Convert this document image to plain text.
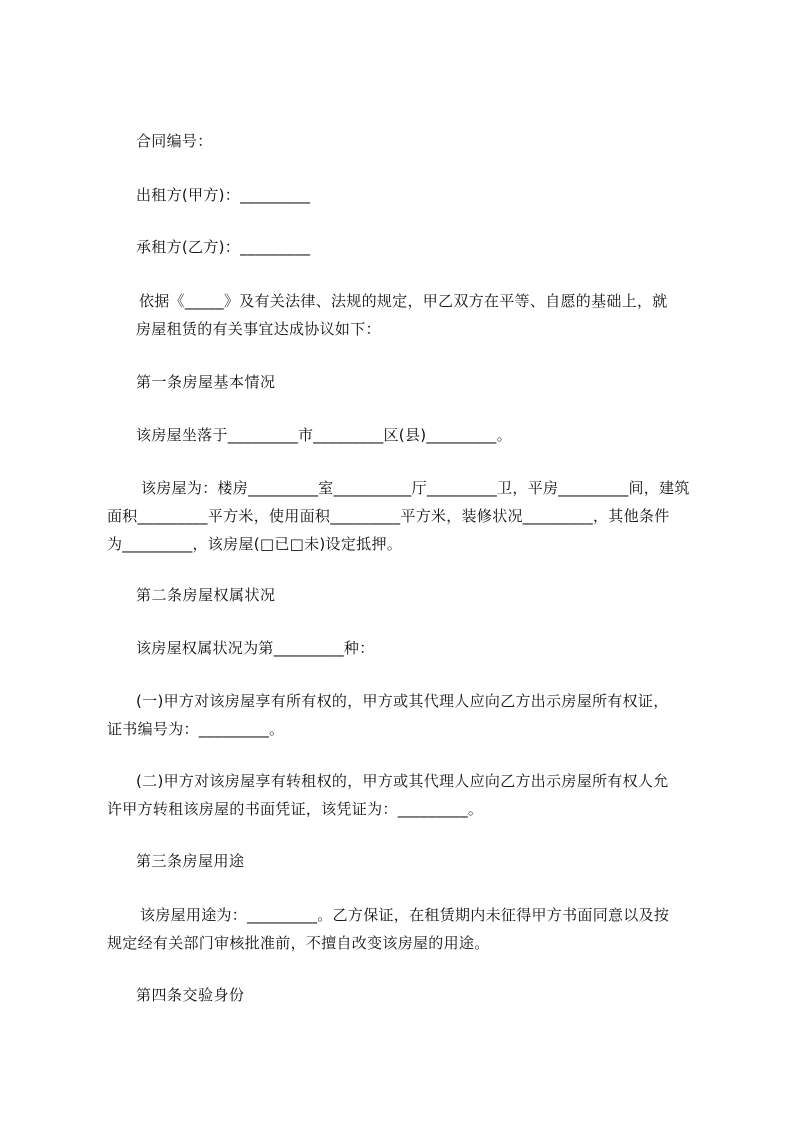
合同编号：
出租方(甲方)：_________
承租方(乙方)：_________
依据《_____》及有关法律、法规的规定，甲乙双方在平等、自愿的基础上，就
房屋租赁的有关事宜达成协议如下：
第一条房屋基本情况
该房屋坐落于_________市_________区(县)_________。
该房屋为：楼房_________室__________厅_________卫，平房_________间，建筑
面积_________平方米，使用面积_________平方米，装修状况_________，其他条件
为_________，该房屋(□已□未)设定抵押。
第二条房屋权属状况
该房屋权属状况为第_________种：
(一)甲方对该房屋享有所有权的，甲方或其代理人应向乙方出示房屋所有权证，
证书编号为：_________。
(二)甲方对该房屋享有转租权的，甲方或其代理人应向乙方出示房屋所有权人允
许甲方转租该房屋的书面凭证，该凭证为：_________。
第三条房屋用途
该房屋用途为：_________。乙方保证，在租赁期内未征得甲方书面同意以及按
规定经有关部门审核批准前，不擅自改变该房屋的用途。
第四条交验身份
